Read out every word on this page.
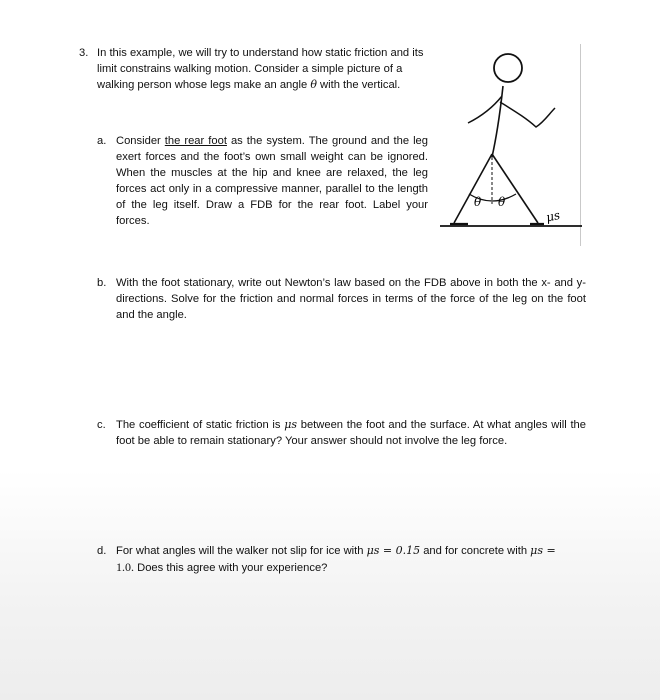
3. In this example, we will try to understand how static friction and its limit constrains walking motion. Consider a simple picture of a walking person whose legs make an angle θ with the vertical.
a. Consider the rear foot as the system. The ground and the leg exert forces and the foot’s own small weight can be ignored. When the muscles at the hip and knee are relaxed, the leg forces act only in a compressive manner, parallel to the length of the leg itself. Draw a FDB for the rear foot. Label your forces.
θ θ
μs
b. With the foot stationary, write out Newton’s law based on the FDB above in both the x- and y-directions. Solve for the friction and normal forces in terms of the force of the leg on the foot and the angle.
c. The coefficient of static friction is μs between the foot and the surface. At what angles will the foot be able to remain stationary? Your answer should not involve the leg force.
d. For what angles will the walker not slip for ice with μs = 0.15 and for concrete with μs =
1.0. Does this agree with your experience?
